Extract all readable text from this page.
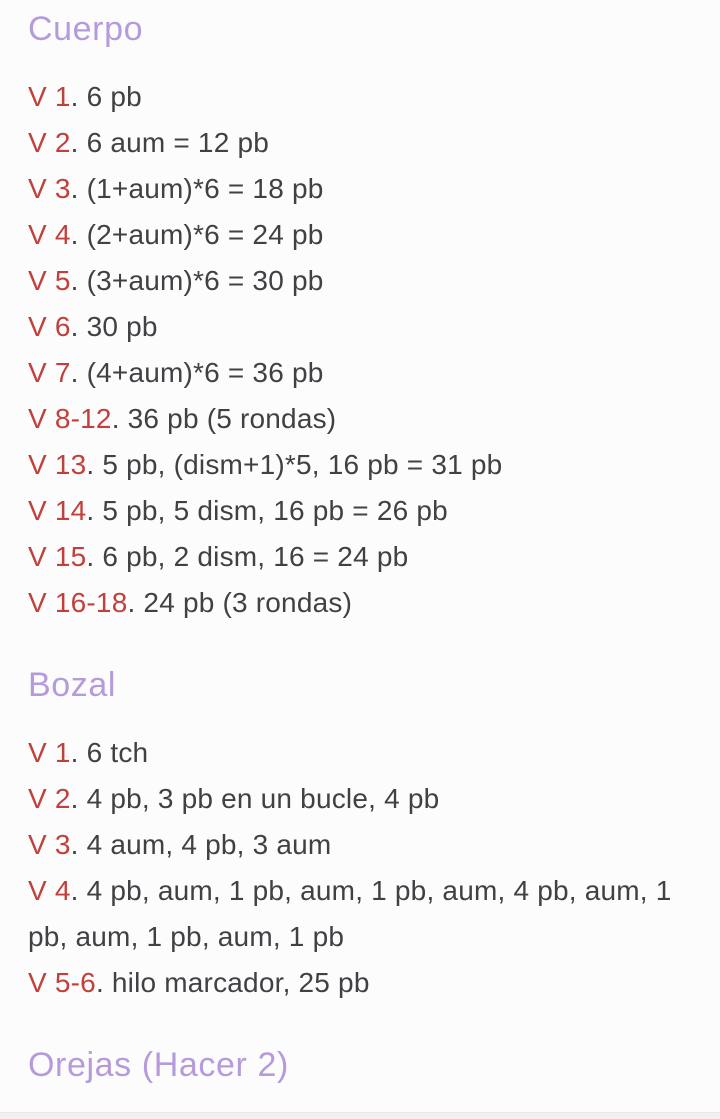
Cuerpo

V 1. 6 pb

V 2. 6 aum = 12 pb

V 3. (1+aum)*6 = 18 pb

V 4. (2+aum)*6 = 24 pb

V 5. (3+aum)*6 = 30 pb

V 6. 30 pb

V 7. (4+aum)*6 = 36 pb

V 8-12. 36 pb (5 rondas)

V 13. 5 pb, (dism+1)*5, 16 pb = 31 pb

V 14. 5 pb, 5 dism, 16 pb = 26 pb

V 15. 6 pb, 2 dism, 16 = 24 pb

V 16-18. 24 pb (3 rondas)

Bozal

V 1. 6 tch

V 2. 4 pb, 3 pb en un bucle, 4 pb

V 3. 4 aum, 4 pb, 3 aum

V 4. 4 pb, aum, 1 pb, aum, 1 pb, aum, 4 pb, aum, 1 pb, aum, 1 pb, aum, 1 pb

V 5-6. hilo marcador, 25 pb

Orejas (Hacer 2)
